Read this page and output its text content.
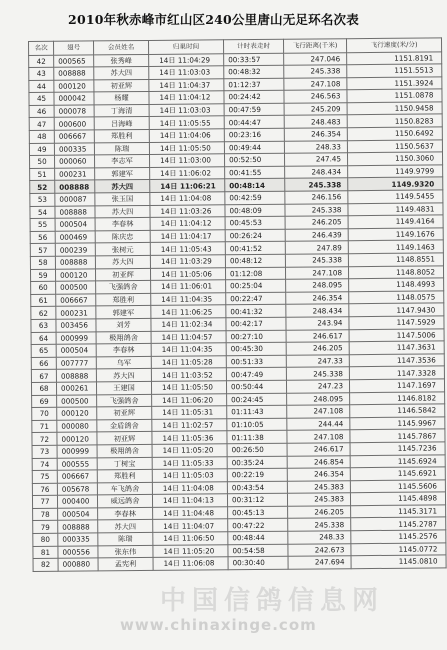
2010年秋赤峰市红山区240公里唐山无足环名次表
名次	翅号	会员姓名	归巢时间	计时表走时	飞行距离(千米)	飞行速度(米/分)
42	000565	张秀峰	14日 11:04:29	00:33:57	247.046	1151.8191
43	008888	苏大四	14日 11:03:03	00:48:32	245.338	1151.5513
44	000120	初亚辉	14日 11:04:37	01:12:37	247.108	1151.3924
45	000042	杨耀	14日 11:04:12	00:24:42	246.563	1151.0878
46	000078	丁海清	14日 11:03:03	00:47:59	245.209	1150.9458
47	000600	吕海峰	14日 11:05:55	00:44:47	248.483	1150.8283
48	006667	郑胜利	14日 11:04:06	00:23:16	246.354	1150.6492
49	000335	陈瑞	14日 11:05:50	00:49:44	248.33	1150.5637
50	000060	李志军	14日 11:03:00	00:52:50	247.45	1150.3060
51	000231	郭建军	14日 11:06:02	00:41:55	248.434	1149.9799
52	008888	苏大四	14日 11:06:21	00:48:14	245.338	1149.9320
53	000087	张玉国	14日 11:04:08	00:42:59	246.156	1149.5455
54	008888	苏大四	14日 11:03:26	00:48:09	245.338	1149.4831
55	000504	李春林	14日 11:04:12	00:45:53	246.205	1149.4164
56	000469	陈庆忠	14日 11:04:17	00:26:24	246.439	1149.1676
57	000239	张树元	14日 11:05:43	00:41:52	247.89	1149.1463
58	008888	苏大四	14日 11:03:29	00:48:12	245.338	1148.8551
59	000120	初亚辉	14日 11:05:06	01:12:08	247.108	1148.8052
60	000500	飞强鸽舍	14日 11:06:01	00:25:04	248.095	1148.4993
61	006667	郑胜利	14日 11:04:35	00:22:47	246.354	1148.0575
62	000231	郭建军	14日 11:06:25	00:41:32	248.434	1147.9430
63	003456	刘芳	14日 11:02:34	00:42:17	243.94	1147.5929
64	000999	极翔鸽舍	14日 11:04:57	00:27:10	246.617	1147.5006
65	000504	李春林	14日 11:04:35	00:45:30	246.205	1147.3631
66	007777	乌军	14日 11:05:28	00:51:33	247.33	1147.3536
67	008888	苏大四	14日 11:03:52	00:47:49	245.338	1147.3328
68	000261	王建国	14日 11:05:50	00:50:44	247.23	1147.1697
69	000500	飞强鸽舍	14日 11:06:20	00:24:45	248.095	1146.8182
70	000120	初亚辉	14日 11:05:31	01:11:43	247.108	1146.5842
71	000080	金盾鸽舍	14日 11:02:57	01:10:05	244.44	1145.9967
72	000120	初亚辉	14日 11:05:36	01:11:38	247.108	1145.7867
73	000999	极翔鸽舍	14日 11:05:20	00:26:50	246.617	1145.7236
74	000555	丁树宝	14日 11:05:33	00:35:24	246.854	1145.6924
75	006667	郑胜利	14日 11:05:03	00:22:19	246.354	1145.6921
76	005678	车飞鸽舍	14日 11:04:08	00:43:54	245.383	1145.5606
77	000400	威远鸽舍	14日 11:04:13	00:31:12	245.383	1145.4898
78	000504	李春林	14日 11:04:48	00:45:13	246.205	1145.3171
79	008888	苏大四	14日 11:04:07	00:47:22	245.338	1145.2787
80	000335	陈瑞	14日 11:06:50	00:48:44	248.33	1145.2576
81	000556	张东伟	14日 11:05:20	00:54:58	242.673	1145.0772
82	000880	孟宪利	14日 11:06:08	00:30:40	247.694	1145.0810
中国信鸽信息网
www.chinaxinge.com
